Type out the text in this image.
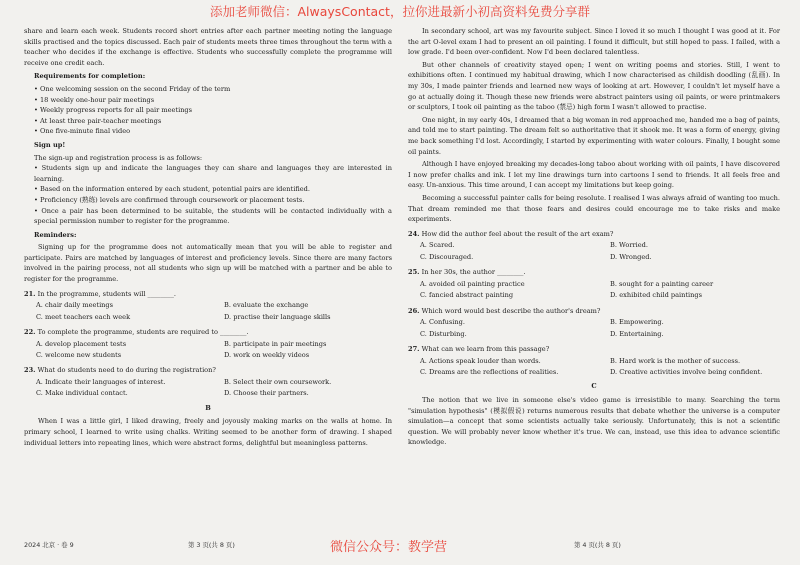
添加老师微信：AlwaysContact，拉你进最新小初高资料免费分享群

share and learn each week. Students record short entries after each partner meeting noting the language skills practised and the topics discussed. Each pair of students meets three times throughout the term with a teacher who decides if the exchange is effective. Students who successfully complete the programme will receive one credit each.

Requirements for completion:

• One welcoming session on the second Friday of the term

• 18 weekly one-hour pair meetings

• Weekly progress reports for all pair meetings

• At least three pair-teacher meetings

• One five-minute final video

Sign up!

The sign-up and registration process is as follows:

• Students sign up and indicate the languages they can share and languages they are interested in learning.

• Based on the information entered by each student, potential pairs are identified.

• Proficiency (熟练) levels are confirmed through coursework or placement tests.

• Once a pair has been determined to be suitable, the students will be contacted individually with a special permission number to register for the programme.

Reminders:

Signing up for the programme does not automatically mean that you will be able to register and participate. Pairs are matched by languages of interest and proficiency levels. Since there are many factors involved in the pairing process, not all students who sign up will be matched with a partner and be able to register for the programme.

21. In the programme, students will ________.

A. chair daily meetings	B. evaluate the exchange
C. meet teachers each week	D. practise their language skills

22. To complete the programme, students are required to ________.

A. develop placement tests	B. participate in pair meetings
C. welcome new students	D. work on weekly videos

23. What do students need to do during the registration?

A. Indicate their languages of interest.	B. Select their own coursework.
C. Make individual contact.	D. Choose their partners.

B

When I was a little girl, I liked drawing, freely and joyously making marks on the walls at home. In primary school, I learned to write using chalks. Writing seemed to be another form of drawing. I shaped individual letters into repeating lines, which were abstract forms, delightful but meaningless patterns.

In secondary school, art was my favourite subject. Since I loved it so much I thought I was good at it. For the art O-level exam I had to present an oil painting. I found it difficult, but still hoped to pass. I failed, with a low grade. I'd been over-confident. Now I'd been declared talentless.

But other channels of creativity stayed open; I went on writing poems and stories. Still, I went to exhibitions often. I continued my habitual drawing, which I now characterised as childish doodling (乱画). In my 30s, I made painter friends and learned new ways of looking at art. However, I couldn't let myself have a go at actually doing it. Though these new friends were abstract painters using oil paints, or were printmakers or sculptors, I took oil painting as the taboo (禁忌) high form I wasn't allowed to practise.

One night, in my early 40s, I dreamed that a big woman in red approached me, handed me a bag of paints, and told me to start painting. The dream felt so authoritative that it shook me. It was a form of energy, giving me back something I'd lost. Accordingly, I started by experimenting with water colours. Finally, I bought some oil paints.

Although I have enjoyed breaking my decades-long taboo about working with oil paints, I have discovered I now prefer chalks and ink. I let my line drawings turn into cartoons I send to friends. It all feels free and easy. Un-anxious. This time around, I can accept my limitations but keep going.

Becoming a successful painter calls for being resolute. I realised I was always afraid of wanting too much. That dream reminded me that those fears and desires could encourage me to take risks and make experiments.

24. How did the author feel about the result of the art exam?

A. Scared.	B. Worried.
C. Discouraged.	D. Wronged.

25. In her 30s, the author ________.

A. avoided oil painting practice	B. sought for a painting career
C. fancied abstract painting	D. exhibited child paintings

26. Which word would best describe the author's dream?

A. Confusing.	B. Empowering.
C. Disturbing.	D. Entertaining.

27. What can we learn from this passage?

A. Actions speak louder than words.	B. Hard work is the mother of success.
C. Dreams are the reflections of realities.	D. Creative activities involve being confident.

C

The notion that we live in someone else's video game is irresistible to many. Searching the term "simulation hypothesis" (模拟假说) returns numerous results that debate whether the universe is a computer simulation—a concept that some scientists actually take seriously. Unfortunately, this is not a scientific question. We will probably never know whether it's true. We can, instead, use this idea to advance scientific knowledge.

2024 北京 · 卷 9	第 3 页(共 8 页)	第 4 页(共 8 页)
微信公众号：教学营
